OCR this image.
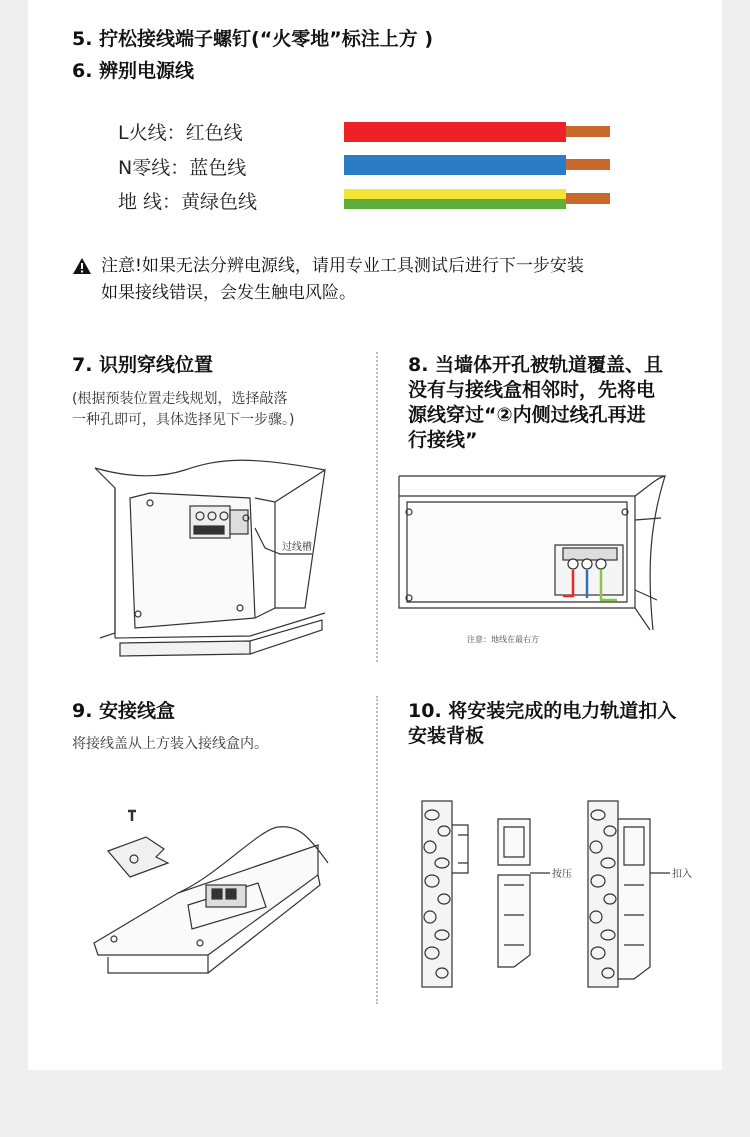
5. 拧松接线端子螺钉(“火零地”标注上方 )
6. 辨别电源线
L火线：红色线
N零线：蓝色线
地 线：黄绿色线
注意!如果无法分辨电源线，请用专业工具测试后进行下一步安装
如果接线错误，会发生触电风险。
7. 识别穿线位置
(根据预装位置走线规划，选择敲落
一种孔即可，具体选择见下一步骤。)
过线槽
8. 当墙体开孔被轨道覆盖、且
没有与接线盒相邻时，先将电
源线穿过“②内侧过线孔再进
行接线”
注意：地线在最右方
9. 安接线盒
将接线盖从上方装入接线盒内。
10. 将安装完成的电力轨道扣入
安装背板
按压	扣入
